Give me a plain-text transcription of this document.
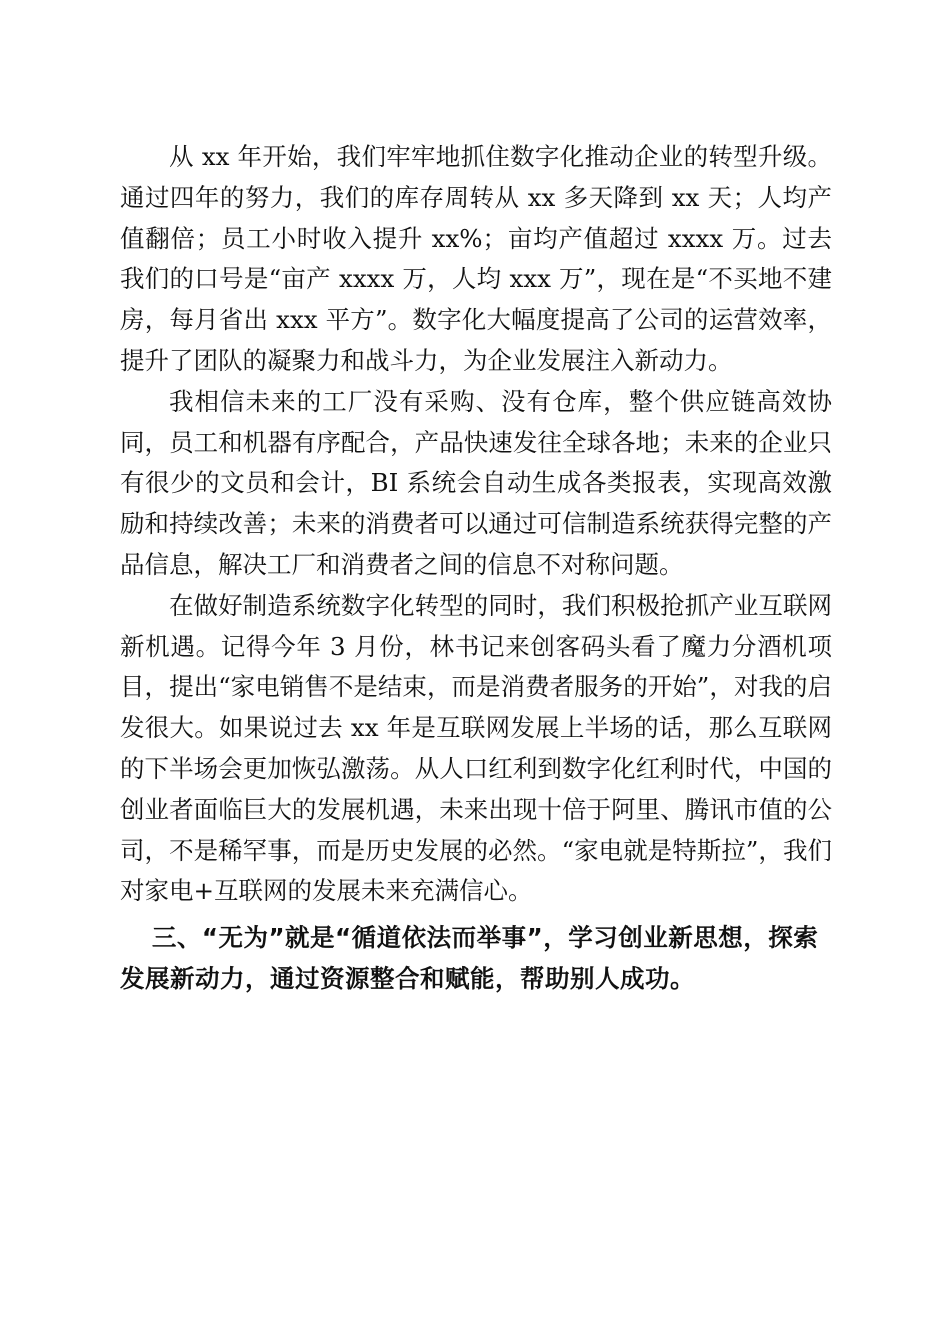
从 xx 年开始，我们牢牢地抓住数字化推动企业的转型升级。通过四年的努力，我们的库存周转从 xx 多天降到 xx 天；人均产值翻倍；员工小时收入提升 xx%；亩均产值超过 xxxx 万。过去我们的口号是“亩产 xxxx 万，人均 xxx 万”，现在是“不买地不建房，每月省出 xxx 平方”。数字化大幅度提高了公司的运营效率，提升了团队的凝聚力和战斗力，为企业发展注入新动力。

我相信未来的工厂没有采购、没有仓库，整个供应链高效协同，员工和机器有序配合，产品快速发往全球各地；未来的企业只有很少的文员和会计，BI 系统会自动生成各类报表，实现高效激励和持续改善；未来的消费者可以通过可信制造系统获得完整的产品信息，解决工厂和消费者之间的信息不对称问题。

在做好制造系统数字化转型的同时，我们积极抢抓产业互联网新机遇。记得今年 3 月份，林书记来创客码头看了魔力分酒机项目，提出“家电销售不是结束，而是消费者服务的开始”，对我的启发很大。如果说过去 xx 年是互联网发展上半场的话，那么互联网的下半场会更加恢弘激荡。从人口红利到数字化红利时代，中国的创业者面临巨大的发展机遇，未来出现十倍于阿里、腾讯市值的公司，不是稀罕事，而是历史发展的必然。“家电就是特斯拉”，我们对家电+互联网的发展未来充满信心。

三、“无为”就是“循道依法而举事”，学习创业新思想，探索发展新动力，通过资源整合和赋能，帮助别人成功。
